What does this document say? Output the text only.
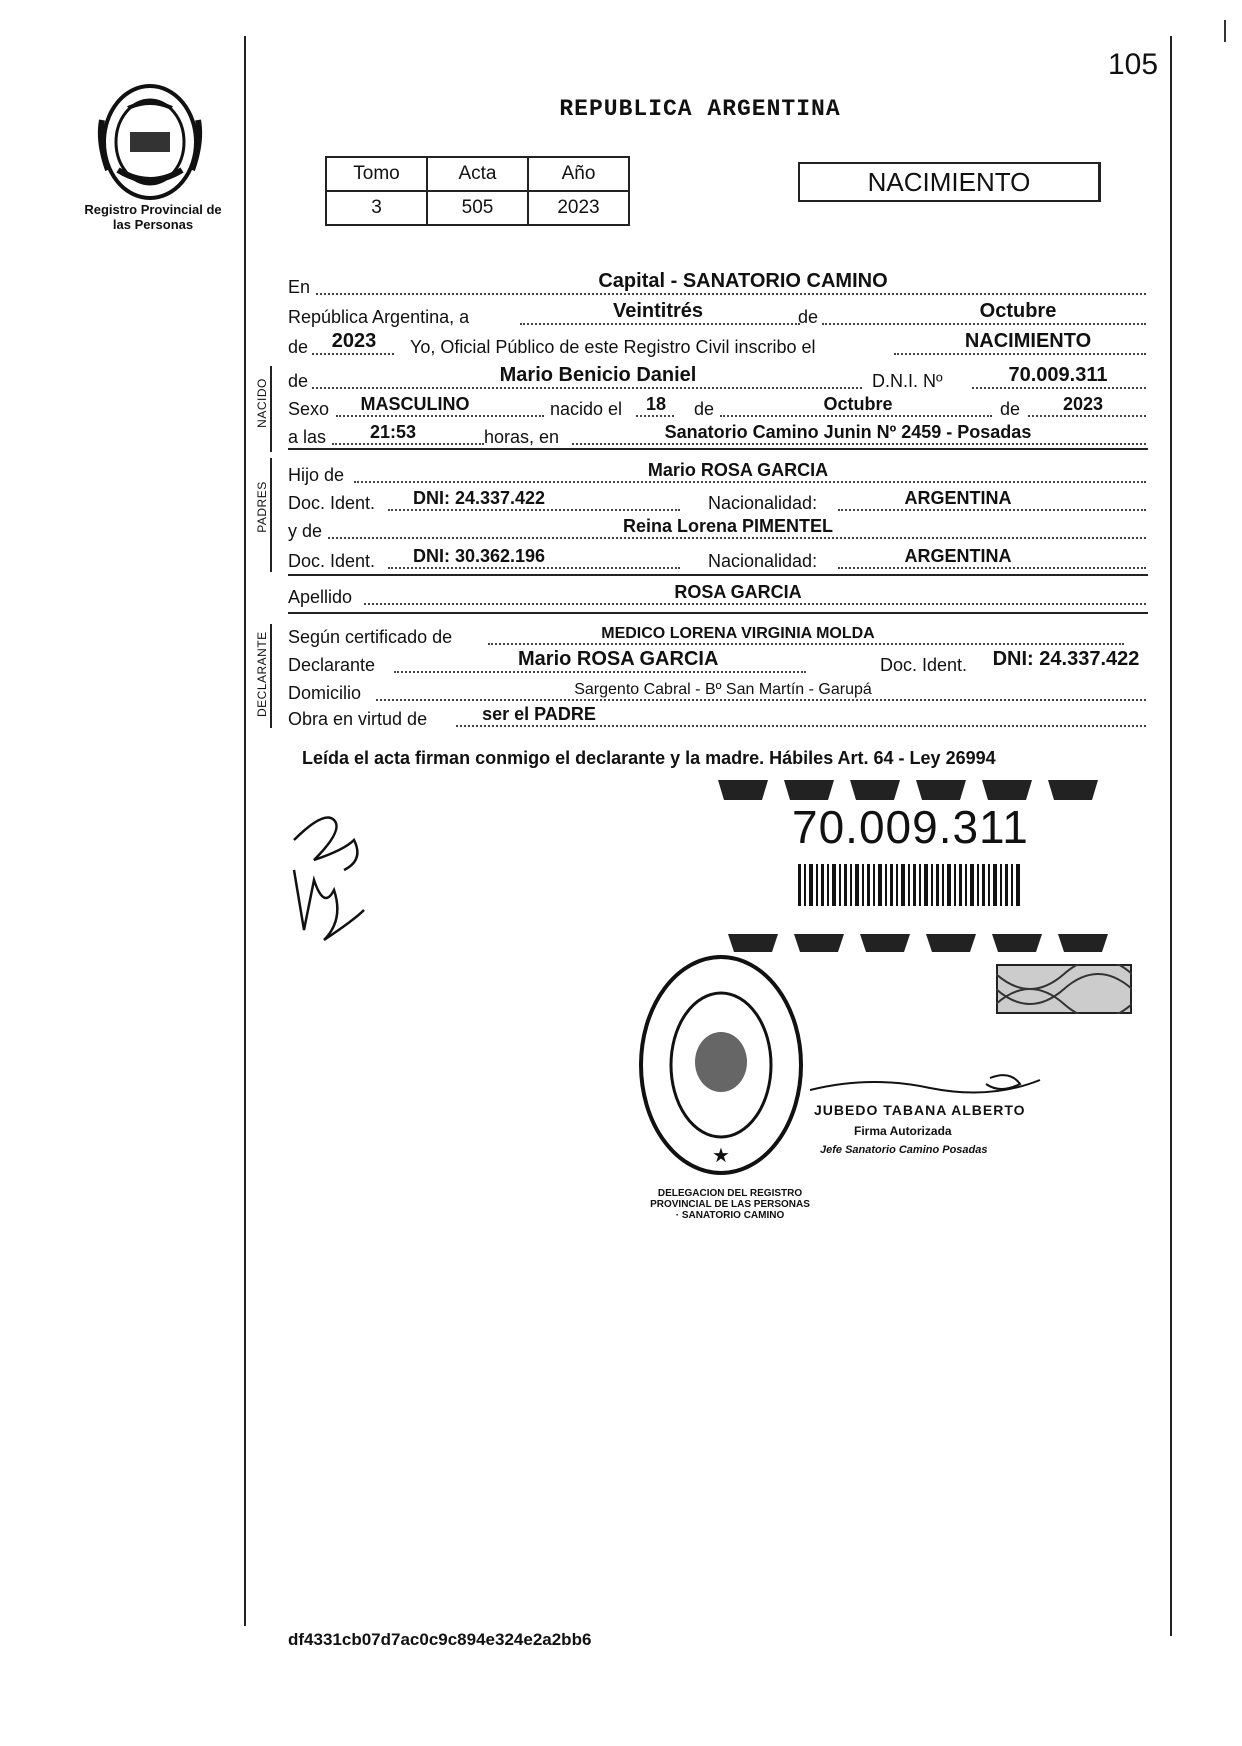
105
Registro Provincial de las Personas
REPUBLICA ARGENTINA
Tomo	Acta	Año
3	505	2023
NACIMIENTO
En	Capital - SANATORIO CAMINO
República Argentina, a	Veintitrés	de	Octubre
de	2023	Yo, Oficial Público de este Registro Civil inscribo el	NACIMIENTO
NACIDO de	Mario Benicio Daniel	D.N.I. Nº	70.009.311
Sexo	MASCULINO	nacido el	18	de	Octubre	de	2023
a las	21:53	horas, en	Sanatorio Camino Junin Nº 2459 - Posadas
PADRES
Hijo de	Mario ROSA GARCIA
Doc. Ident.	DNI: 24.337.422	Nacionalidad:	ARGENTINA
y de	Reina Lorena PIMENTEL
Doc. Ident.	DNI: 30.362.196	Nacionalidad:	ARGENTINA
Apellido	ROSA GARCIA
DECLARANTE Según certificado de	MEDICO LORENA VIRGINIA MOLDA
Declarante	Mario ROSA GARCIA	Doc. Ident.	DNI: 24.337.422
Domicilio	Sargento Cabral - Bº San Martín - Garupá
Obra en virtud de	ser el PADRE
Leída el acta firman conmigo el declarante y la madre. Hábiles Art. 64 - Ley 26994
70.009.311
★
DELEGACION DEL REGISTRO PROVINCIAL DE LAS PERSONAS · SANATORIO CAMINO
JUBEDO TABANA ALBERTO
Firma Autorizada
Jefe Sanatorio Camino Posadas
df4331cb07d7ac0c9c894e324e2a2bb6
